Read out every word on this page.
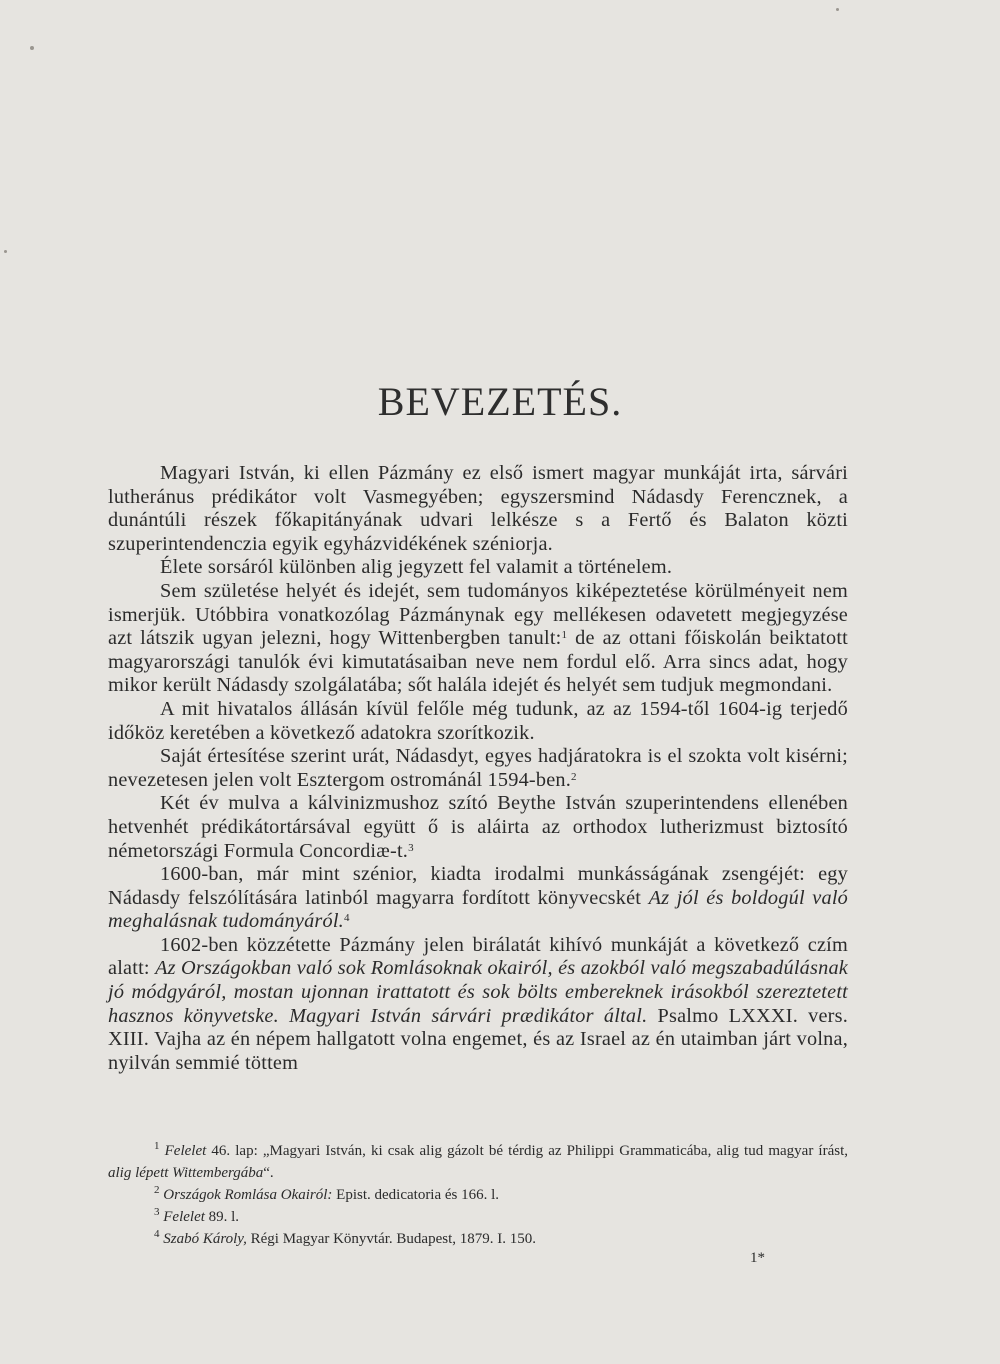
BEVEZETÉS.

Magyari István, ki ellen Pázmány ez első ismert magyar munkáját irta, sárvári lutheránus prédikátor volt Vasmegyében; egyszersmind Nádasdy Ferencznek, a dunántúli részek főkapitányának udvari lelkésze s a Fertő és Balaton közti szuperintendenczia egyik egyházvidékének széniorja.

Élete sorsáról különben alig jegyzett fel valamit a történelem.

Sem születése helyét és idejét, sem tudományos kiképeztetése körülményeit nem ismerjük. Utóbbira vonatkozólag Pázmánynak egy mellékesen odavetett megjegyzése azt látszik ugyan jelezni, hogy Wittenbergben tanult:$^1$ de az ottani főiskolán beiktatott magyarországi tanulók évi kimutatásaiban neve nem fordul elő. Arra sincs adat, hogy mikor került Nádasdy szolgálatába; sőt halála idejét és helyét sem tudjuk megmondani.

A mit hivatalos állásán kívül felőle még tudunk, az az 1594-től 1604-ig terjedő időköz keretében a következő adatokra szorítkozik.

Saját értesítése szerint urát, Nádasdyt, egyes hadjáratokra is el szokta volt kisérni; nevezetesen jelen volt Esztergom ostrománál 1594-ben.$^2$

Két év mulva a kálvinizmushoz szító Beythe István szuperintendens ellenében hetvenhét prédikátortársával együtt ő is aláirta az orthodox lutherizmust biztosító németországi Formula Concordiæ-t.$^3$

1600-ban, már mint szénior, kiadta irodalmi munkásságának zsengéjét: egy Nádasdy felszólítására latinból magyarra fordított könyvecskét Az jól és boldogúl való meghalásnak tudományáról.$^4$

1602-ben közzétette Pázmány jelen birálatát kihívó munkáját a következő czím alatt: Az Országokban való sok Romlásoknak okairól, és azokból való megszabadúlásnak jó módgyáról, mostan ujonnan irattatott és sok bölts embereknek irásokból szereztetett hasznos könyvetske. Magyari István sárvári prædikátor által. Psalmo LXXXI. vers. XIII. Vajha az én népem hallgatott volna engemet, és az Israel az én utaimban járt volna, nyilván semmié töttem

$^1$ Felelet 46. lap: „Magyari István, ki csak alig gázolt bé térdig az Philippi Grammaticába, alig tud magyar írást, alig lépett Wittembergába“.

$^2$ Országok Romlása Okairól: Epist. dedicatoria és 166. l.

$^3$ Felelet 89. l.

$^4$ Szabó Károly, Régi Magyar Könyvtár. Budapest, 1879. I. 150.

1*
